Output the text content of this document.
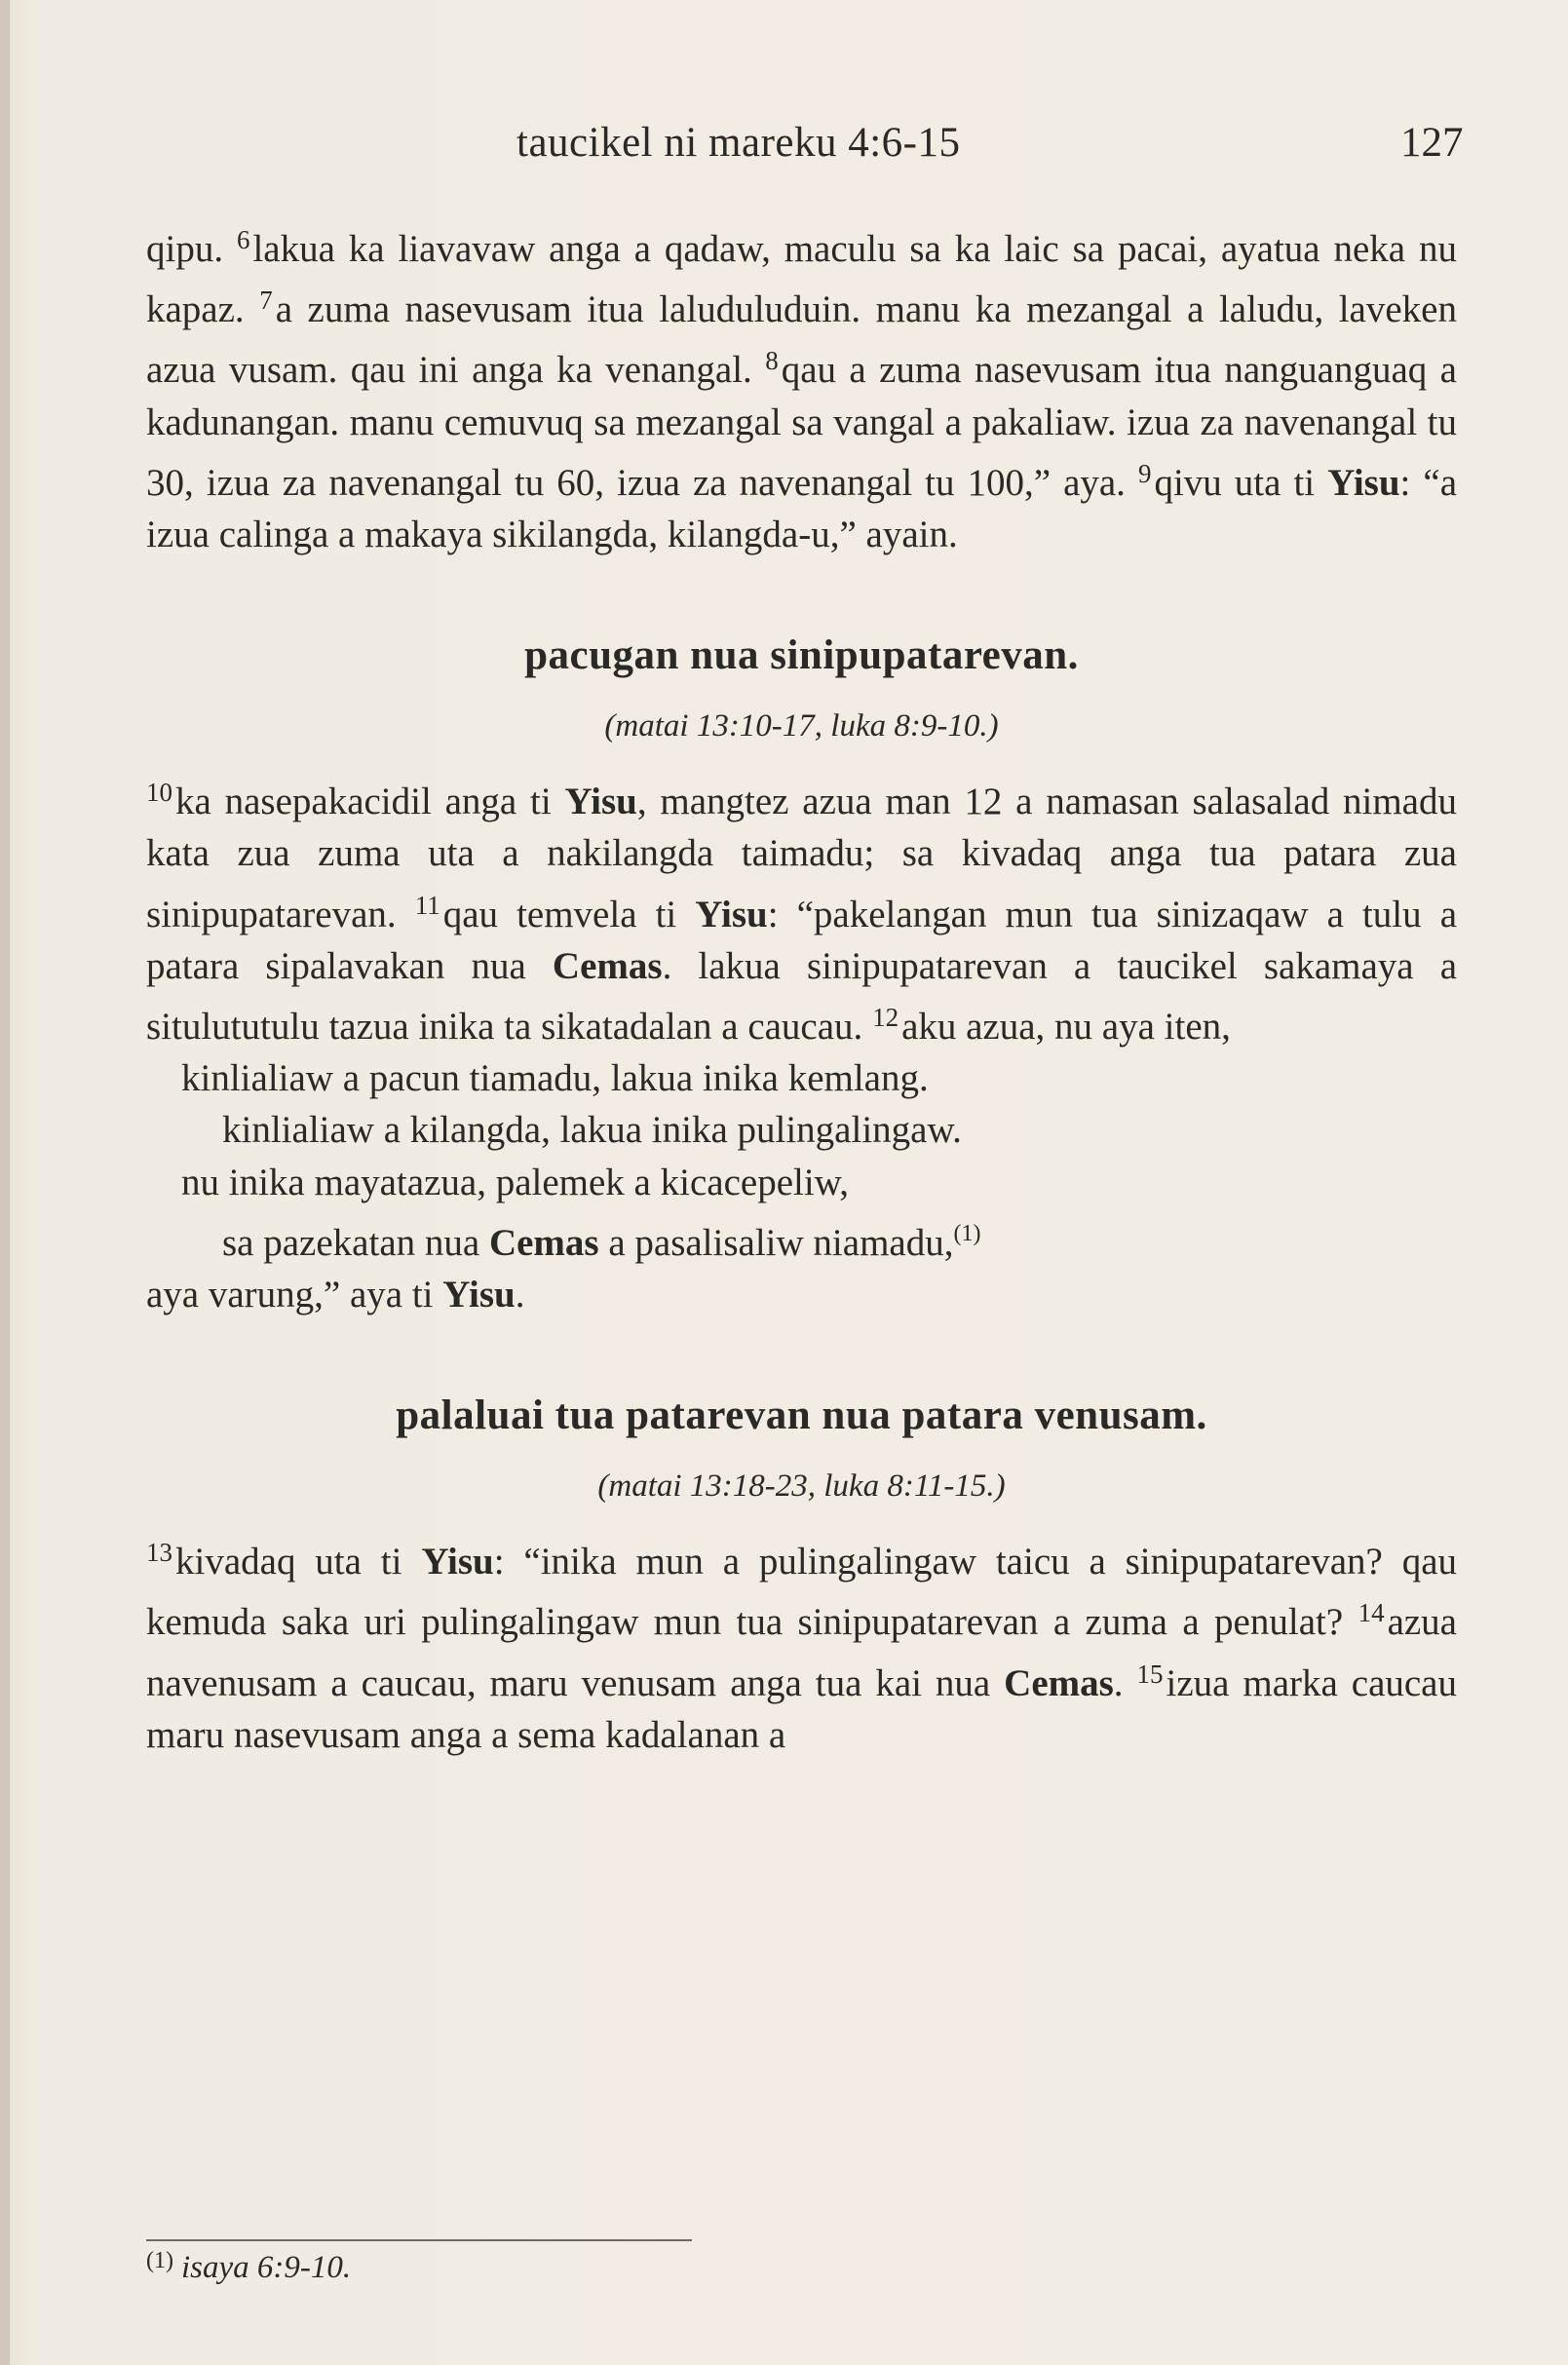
taucikel ni mareku 4:6-15	127

qipu. $^6$lakua ka liavavaw anga a qadaw, maculu sa ka laic sa pacai, ayatua neka nu kapaz. $^7$a zuma nasevusam itua laluduluduin. manu ka mezangal a laludu, laveken azua vusam. qau ini anga ka venangal. $^8$qau a zuma nasevusam itua nanguanguaq a kadunangan. manu cemuvuq sa mezangal sa vangal a pakaliaw. izua za navenangal tu 30, izua za navenangal tu 60, izua za navenangal tu 100,” aya. $^9$qivu uta ti Yisu: “a izua calinga a makaya sikilangda, kilangda-u,” ayain.

pacugan nua sinipupatarevan.
(matai 13:10-17, luka 8:9-10.)

$^{10}$ka nasepakacidil anga ti Yisu, mangtez azua man 12 a namasan salasalad nimadu kata zua zuma uta a nakilangda taimadu; sa kivadaq anga tua patara zua sinipupatarevan. $^{11}$qau temvela ti Yisu: “pakelangan mun tua sinizaqaw a tulu a patara sipalavakan nua Cemas. lakua sinipupatarevan a taucikel sakamaya a situlututulu tazua inika ta sikatadalan a caucau. $^{12}$aku azua, nu aya iten,

kinlialiaw a pacun tiamadu, lakua inika kemlang.
kinlialiaw a kilangda, lakua inika pulingalingaw.
nu inika mayatazua, palemek a kicacepeliw,
sa pazekatan nua Cemas a pasalisaliw niamadu,$^{(1)}$
aya varung,” aya ti Yisu.
palaluai tua patarevan nua patara venusam.
(matai 13:18-23, luka 8:11-15.)

$^{13}$kivadaq uta ti Yisu: “inika mun a pulingalingaw taicu a sinipupatarevan? qau kemuda saka uri pulingalingaw mun tua sinipupatarevan a zuma a penulat? $^{14}$azua navenusam a caucau, maru venusam anga tua kai nua Cemas. $^{15}$izua marka caucau maru nasevusam anga a sema kadalanan a

$^{(1)}$ isaya 6:9-10.
